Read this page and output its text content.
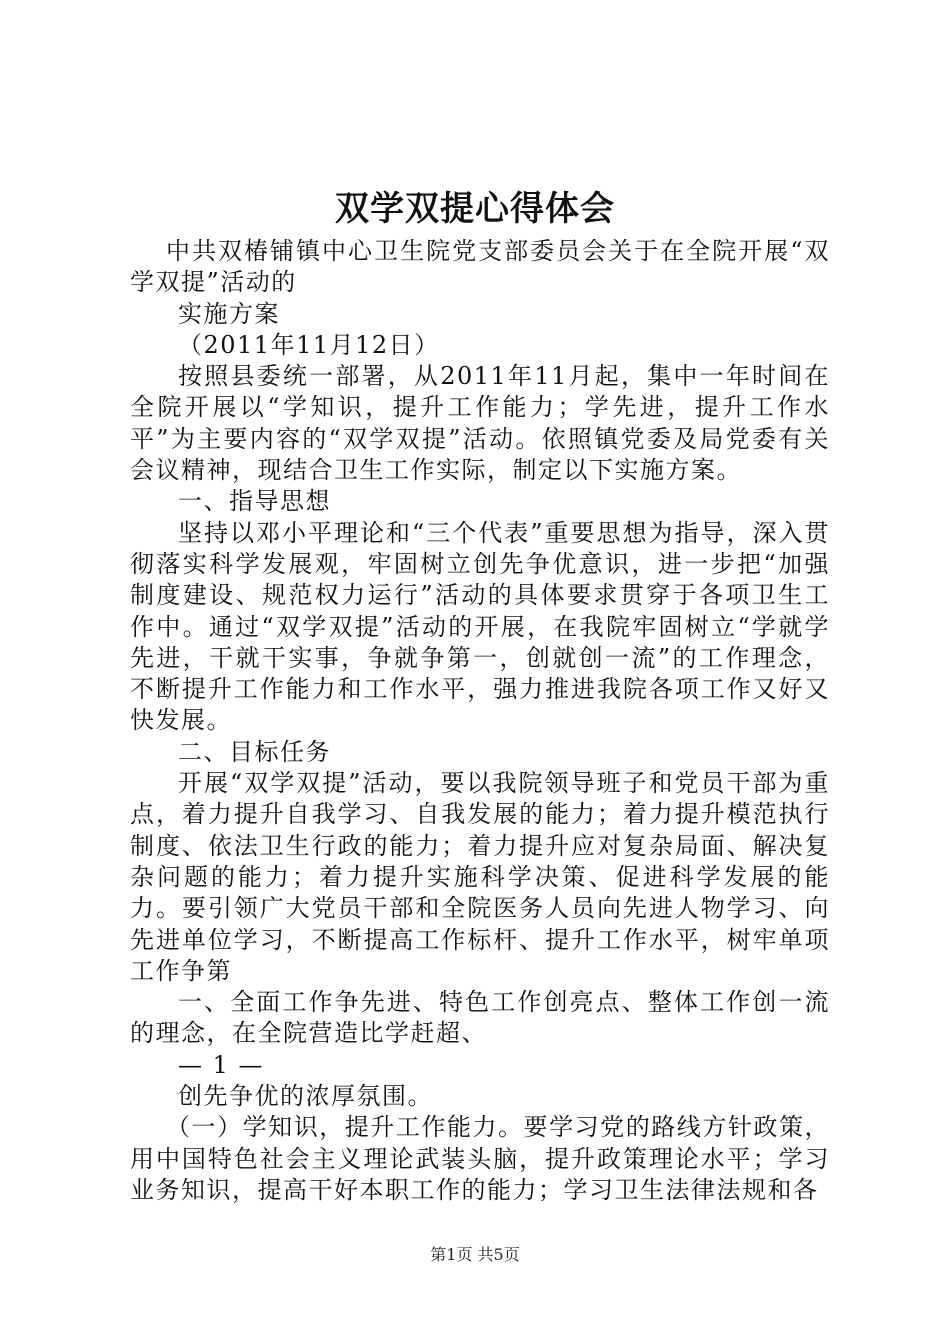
双学双提心得体会

中共双椿铺镇中心卫生院党支部委员会关于在全院开展“双学双提”活动的

实施方案

（2011年11月12日）

按照县委统一部署，从2011年11月起，集中一年时间在全院开展以“学知识，提升工作能力；学先进，提升工作水平”为主要内容的“双学双提”活动。依照镇党委及局党委有关会议精神，现结合卫生工作实际，制定以下实施方案。

一、指导思想

坚持以邓小平理论和“三个代表”重要思想为指导，深入贯彻落实科学发展观，牢固树立创先争优意识，进一步把“加强制度建设、规范权力运行”活动的具体要求贯穿于各项卫生工作中。通过“双学双提”活动的开展，在我院牢固树立“学就学先进，干就干实事，争就争第一，创就创一流”的工作理念，不断提升工作能力和工作水平，强力推进我院各项工作又好又快发展。

二、目标任务

开展“双学双提”活动，要以我院领导班子和党员干部为重点，着力提升自我学习、自我发展的能力；着力提升模范执行制度、依法卫生行政的能力；着力提升应对复杂局面、解决复杂问题的能力；着力提升实施科学决策、促进科学发展的能力。要引领广大党员干部和全院医务人员向先进人物学习、向先进单位学习，不断提高工作标杆、提升工作水平，树牢单项工作争第

一、全面工作争先进、特色工作创亮点、整体工作创一流的理念，在全院营造比学赶超、

— 1 —

创先争优的浓厚氛围。

（一）学知识，提升工作能力。要学习党的路线方针政策，用中国特色社会主义理论武装头脑，提升政策理论水平；学习业务知识，提高干好本职工作的能力；学习卫生法律法规和各

第1页 共5页
